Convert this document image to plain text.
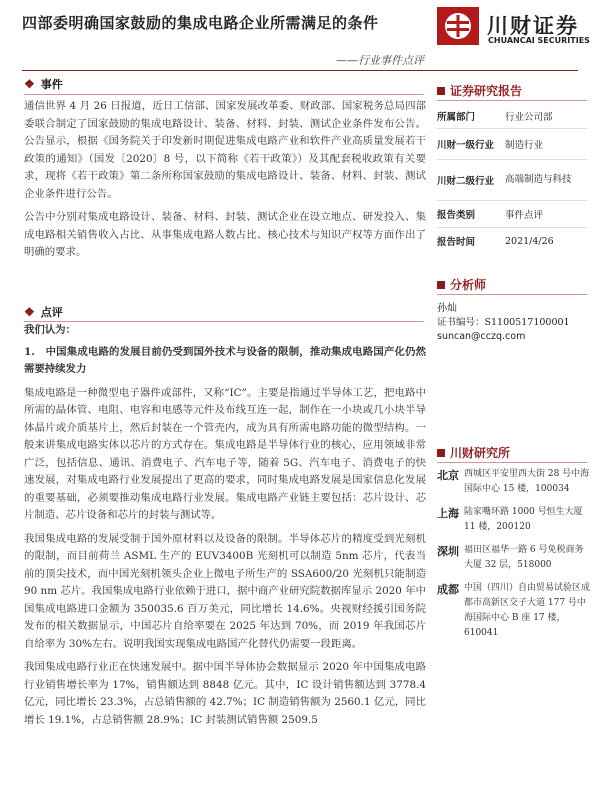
四部委明确国家鼓励的集成电路企业所需满足的条件
——行业事件点评
川财证券
CHUANCAI SECURITIES
❖ 事件

通信世界 4 月 26 日报道，近日工信部、国家发展改革委、财政部、国家税务总局四部委联合制定了国家鼓励的集成电路设计、装备、材料、封装、测试企业条件发布公告。公告显示，根据《国务院关于印发新时期促进集成电路产业和软件产业高质量发展若干政策的通知》（国发〔2020〕8 号，以下简称《若干政策》）及其配套税收政策有关要求，现将《若干政策》第二条所称国家鼓励的集成电路设计、装备、材料、封装、测试企业条件进行公告。

公告中分别对集成电路设计、装备、材料、封装、测试企业在设立地点、研发投入、集成电路相关销售收入占比、从事集成电路人数占比、核心技术与知识产权等方面作出了明确的要求。

❖ 点评

我们认为：

1.　中国集成电路的发展目前仍受到国外技术与设备的限制，推动集成电路国产化仍然需要持续发力

集成电路是一种微型电子器件或部件，又称“IC”。主要是指通过半导体工艺，把电路中所需的晶体管、电阻、电容和电感等元件及布线互连一起，制作在一小块或几小块半导体晶片或介质基片上，然后封装在一个管壳内，成为具有所需电路功能的微型结构。一般来讲集成电路实体以芯片的方式存在。集成电路是半导体行业的核心，应用领域非常广泛，包括信息、通讯、消费电子、汽车电子等，随着 5G、汽车电子、消费电子的快速发展，对集成电路行业发展提出了更高的要求，同时集成电路发展是国家信息化发展的重要基础，必须要推动集成电路行业发展。集成电路产业链主要包括：芯片设计、芯片制造、芯片设备和芯片的封装与测试等。

我国集成电路的发展受制于国外原材料以及设备的限制。半导体芯片的精度受到光刻机的限制，而目前荷兰 ASML 生产的 EUV3400B 光刻机可以制造 5nm 芯片，代表当前的顶尖技术，而中国光刻机领头企业上微电子所生产的 SSA600/20 光刻机只能制造 90 nm 芯片。我国集成电路行业依赖于进口，据中商产业研究院数据库显示 2020 年中国集成电路进口金额为 350035.6 百万美元，同比增长 14.6%。央视财经援引国务院发布的相关数据显示，中国芯片自给率要在 2025 年达到 70%，而 2019 年我国芯片自给率为 30%左右。说明我国实现集成电路国产化替代仍需要一段距离。

我国集成电路行业正在快速发展中。据中国半导体协会数据显示 2020 年中国集成电路行业销售增长率为 17%，销售额达到 8848 亿元。其中，IC 设计销售额达到 3778.4 亿元，同比增长 23.3%，占总销售额的 42.7%；IC 制造销售额为 2560.1 亿元，同比增长 19.1%，占总销售额 28.9%；IC 封装测试销售额 2509.5

证券研究报告
所属部门	行业公司部
川财一级行业	制造行业
川财二级行业	高端制造与科技
报告类别	事件点评
报告时间	2021/4/26
分析师
孙灿
证书编号：S1100517100001
suncan@cczq.com
川财研究所
北京 西城区平安里西大街 28 号中海国际中心 15 楼，100034
上海 陆家嘴环路 1000 号恒生大厦 11 楼，200120
深圳 福田区福华一路 6 号免税商务大厦 32 层，518000
成都 中国（四川）自由贸易试验区成都市高新区交子大道 177 号中海国际中心 B 座 17 楼，610041
